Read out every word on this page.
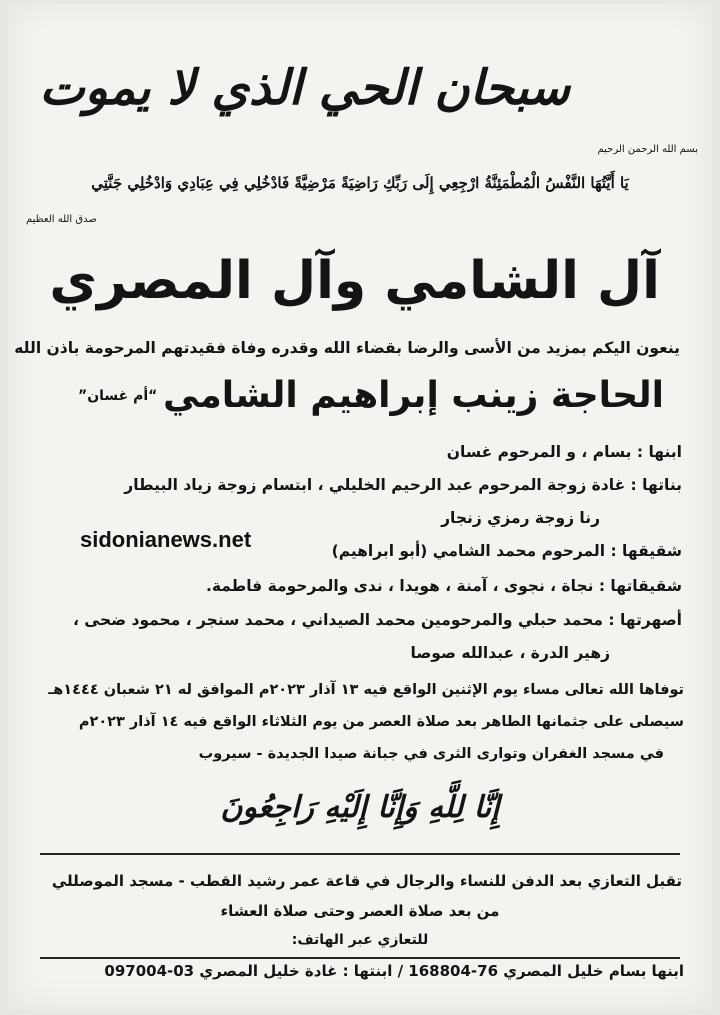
سبحان الحي الذي لا يموت
بسم الله الرحمن الرحيم
يَا أَيَّتُهَا النَّفْسُ الْمُطْمَئِنَّةُ ارْجِعِي إِلَى رَبِّكِ رَاضِيَةً مَرْضِيَّةً فَادْخُلِي فِي عِبَادِي وَادْخُلِي جَنَّتِي
صدق الله العظيم
آل الشامي وآل المصري
ينعون اليكم بمزيد من الأسى والرضا بقضاء الله وقدره وفاة فقيدتهم المرحومة باذن الله
الحاجة زينب إبراهيم الشامي
“أم غسان”
ابنها : بسام ، و المرحوم غسان
بناتها : غادة زوجة المرحوم عبد الرحيم الخليلي ، ابتسام زوجة زياد البيطار
رنا زوجة رمزي زنجار
sidonianews.net	شقيقها : المرحوم محمد الشامي (أبو ابراهيم)
شقيقاتها : نجاة ، نجوى ، آمنة ، هويدا ، ندى والمرحومة فاطمة.
أصهرتها : محمد حبلي والمرحومين محمد الصيداني ، محمد سنجر ، محمود ضحى ،
زهير الدرة ، عبدالله صوصا
توفاها الله تعالى مساء يوم الإثنين الواقع فيه ١٣ آذار ٢٠٢٣م الموافق له ٢١ شعبان ١٤٤٤هـ
سيصلى على جثمانها الطاهر بعد صلاة العصر من يوم الثلاثاء الواقع فيه ١٤ آذار ٢٠٢٣م
في مسجد الغفران وتوارى الثرى في جبانة صيدا الجديدة - سيروب
إِنَّا لِلَّهِ وَإِنَّا إِلَيْهِ رَاجِعُونَ
تقبل التعازي بعد الدفن للنساء والرجال في قاعة عمر رشيد القطب - مسجد الموصللي
من بعد صلاة العصر وحتى صلاة العشاء
للتعازي عبر الهاتف:
ابنها بسام خليل المصري 76-168804 / ابنتها : غادة خليل المصري 03-097004
